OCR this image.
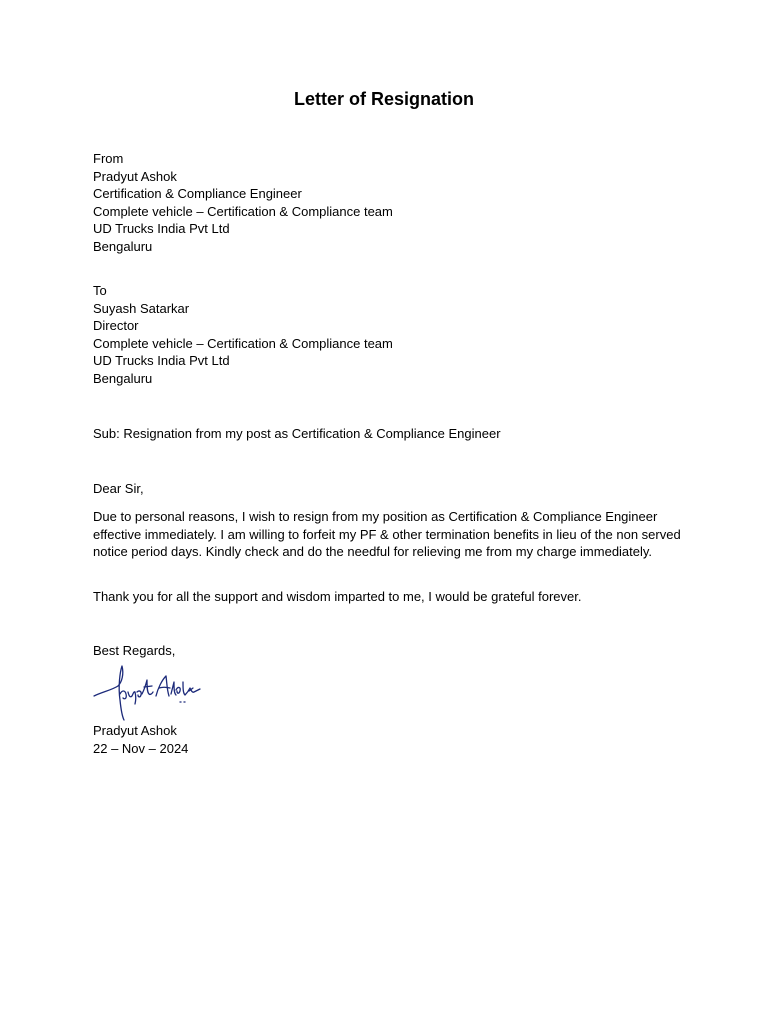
Letter of Resignation
From
Pradyut Ashok
Certification & Compliance Engineer
Complete vehicle – Certification & Compliance team
UD Trucks India Pvt Ltd
Bengaluru
To
Suyash Satarkar
Director
Complete vehicle – Certification & Compliance team
UD Trucks India Pvt Ltd
Bengaluru
Sub: Resignation from my post as Certification & Compliance Engineer
Dear Sir,
Due to personal reasons, I wish to resign from my position as Certification & Compliance Engineer effective immediately. I am willing to forfeit my PF & other termination benefits in lieu of the non served notice period days. Kindly check and do the needful for relieving me from my charge immediately.
Thank you for all the support and wisdom imparted to me, I would be grateful forever.
Best Regards,
Pradyut Ashok
22 – Nov – 2024
